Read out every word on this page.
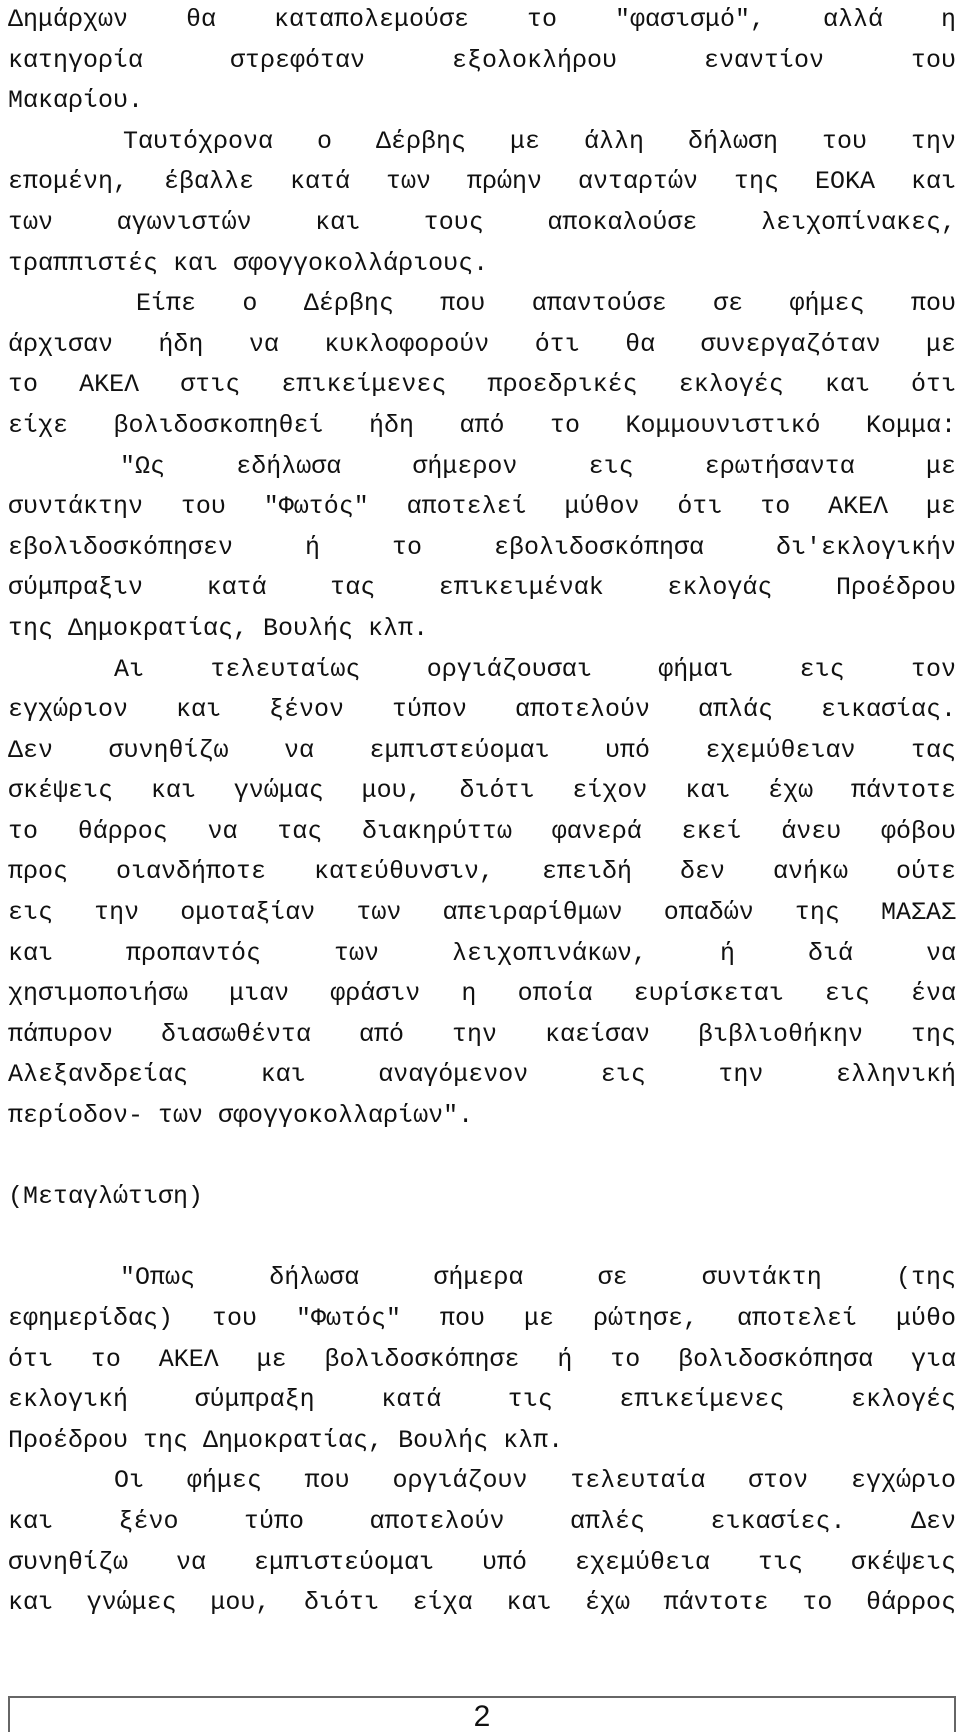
Δημάρχων θα καταπολεμούσε το "φασισμό", αλλά η
κατηγορία στρεφόταν εξολοκλήρου εναντίον του
Μακαρίου.
Ταυτόχρονα ο Δέρβης με άλλη δήλωση του την
επομένη, έβαλλε κατά των πρώην ανταρτών της ΕΟΚΑ και
των αγωνιστών και τους αποκαλούσε λειχοπίνακες,
τραππιστές και σφογγοκολλάριους.
Είπε ο Δέρβης που απαντούσε σε φήμες που
άρχισαν ήδη να κυκλοφορούν ότι θα συνεργαζόταν με
το ΑΚΕΛ στις επικείμενες προεδρικές εκλογές και ότι
είχε βολιδοσκοπηθεί ήδη από το Κομμουνιστικό Κομμα:
"Ως εδήλωσα σήμερον εις ερωτήσαντα με
συντάκτην του "Φωτός" αποτελεί μύθον ότι το ΑΚΕΛ με
εβολιδοσκόπησεν ή το εβολιδοσκόπησα δι'εκλογικήν
σύμπραξιν κατά τας επικειμέναk εκλογάς Προέδρου
της Δημοκρατίας, Βουλής κλπ.
Αι τελευταίως οργιάζουσαι φήμαι εις τον
εγχώριον και ξένον τύπον αποτελούν απλάς εικασίας.
Δεν συνηθίζω να εμπιστεύομαι υπό εχεμύθειαν τας
σκέψεις και γνώμας μου, διότι είχον και έχω πάντοτε
το θάρρος να τας διακηρύττω φανερά εκεί άνευ φόβου
προς οιανδήποτε κατεύθυνσιν, επειδή δεν ανήκω ούτε
εις την ομοταξίαν των απειραρίθμων οπαδών της ΜΑΣΑΣ
και προπαντός των λειχοπινάκων, ή διά να
χησιμοποιήσω μιαν φράσιν η οποία ευρίσκεται εις ένα
πάπυρον διασωθέντα από την καείσαν βιβλιοθήκην της
Αλεξανδρείας και αναγόμενον εις την ελληνική
περίοδον- των σφογγοκολλαρίων".
(Μεταγλώτιση)
"Οπως δήλωσα σήμερα σε συντάκτη (της
εφημερίδας) του "Φωτός" που με ρώτησε, αποτελεί μύθο
ότι το ΑΚΕΛ με βολιδοσκόπησε ή το βολιδοσκόπησα για
εκλογική σύμπραξη κατά τις επικείμενες εκλογές
Προέδρου της Δημοκρατίας, Βουλής κλπ.
Οι φήμες που οργιάζουν τελευταία στον εγχώριο
και ξένο τύπο αποτελούν απλές εικασίες. Δεν
συνηθίζω να εμπιστεύομαι υπό εχεμύθεια τις σκέψεις
και γνώμες μου, διότι είχα και έχω πάντοτε το θάρρος
2
